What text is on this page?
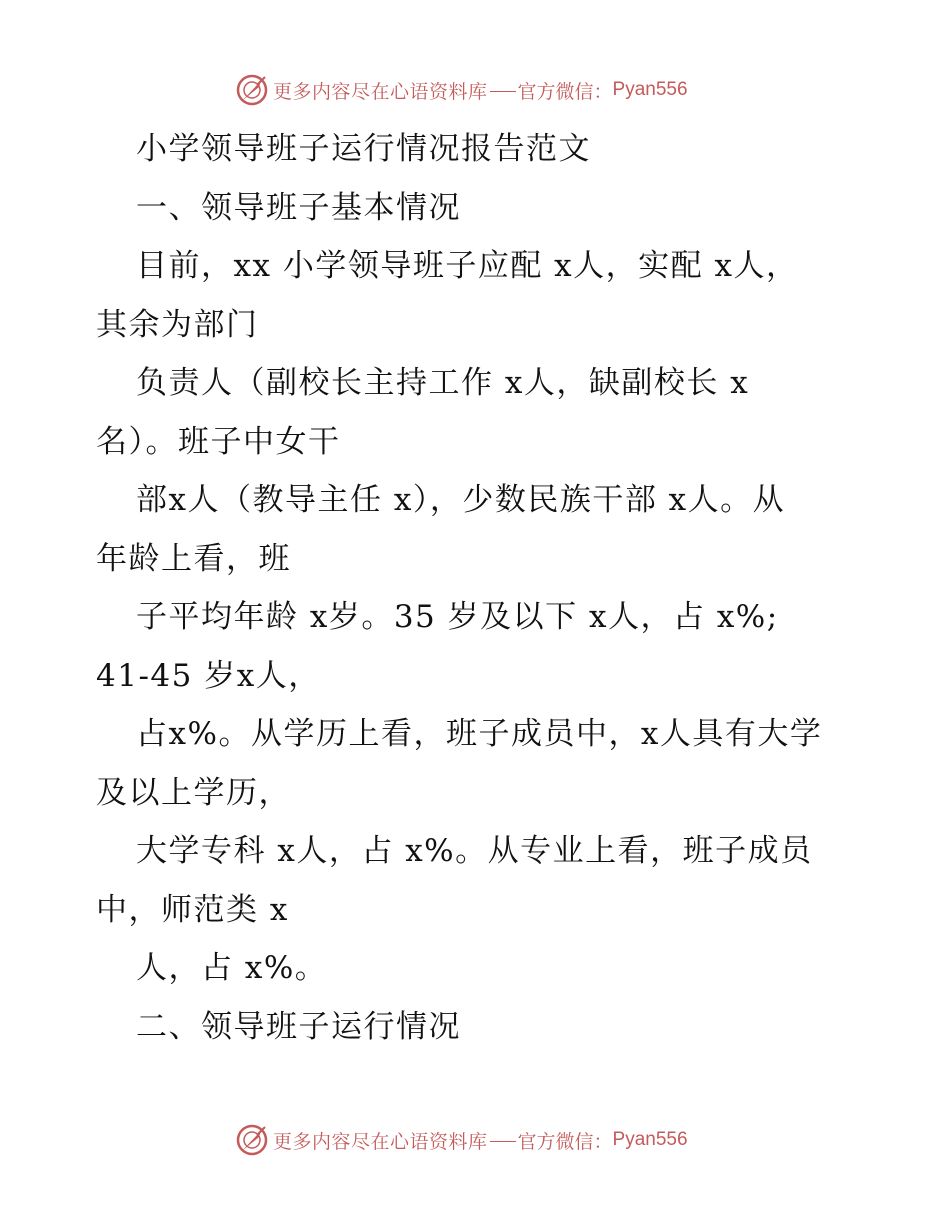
更多内容尽在心语资料库 官方微信： Pyan556
小学领导班子运行情况报告范文
一、领导班子基本情况
目前，xx 小学领导班子应配 x人，实配 x人，
其余为部门
负责人（副校长主持工作 x人，缺副校长 x
名）。班子中女干
部x人（教导主任 x），少数民族干部 x人。从
年龄上看，班
子平均年龄 x岁。35 岁及以下 x人，占 x%;
41-45 岁x人，
占x%。从学历上看，班子成员中，x人具有大学
及以上学历，
大学专科 x人，占 x%。从专业上看，班子成员
中，师范类 x
人，占 x%。
二、领导班子运行情况
更多内容尽在心语资料库 官方微信： Pyan556
